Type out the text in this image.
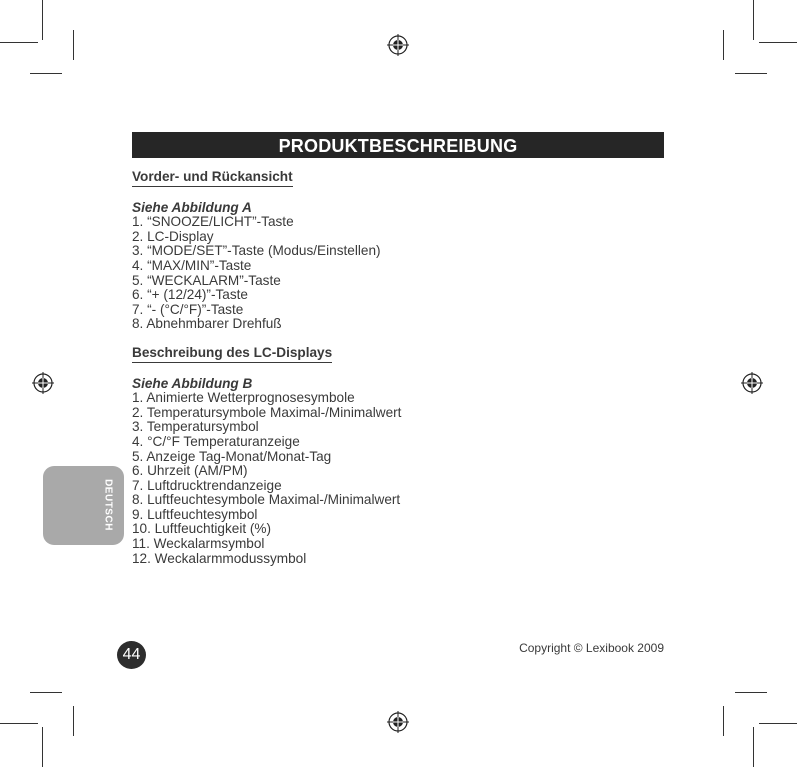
PRODUKTBESCHREIBUNG
Vorder- und Rückansicht
Siehe Abbildung A
1. “SNOOZE/LICHT”-Taste
2. LC-Display
3. “MODE/SET”-Taste (Modus/Einstellen)
4. “MAX/MIN”-Taste
5. “WECKALARM”-Taste
6. “+ (12/24)”-Taste
7. “- (°C/°F)”-Taste
8. Abnehmbarer Drehfuß
Beschreibung des LC-Displays
Siehe Abbildung B
1. Animierte Wetterprognosesymbole
2. Temperatursymbole Maximal-/Minimalwert
3. Temperatursymbol
4. °C/°F Temperaturanzeige
5. Anzeige Tag-Monat/Monat-Tag
6. Uhrzeit (AM/PM)
7. Luftdrucktrendanzeige
8. Luftfeuchtesymbole Maximal-/Minimalwert
9. Luftfeuchtesymbol
10. Luftfeuchtigkeit (%)
11. Weckalarmsymbol
12. Weckalarmmodussymbol
DEUTSCH
44	Copyright © Lexibook 2009
